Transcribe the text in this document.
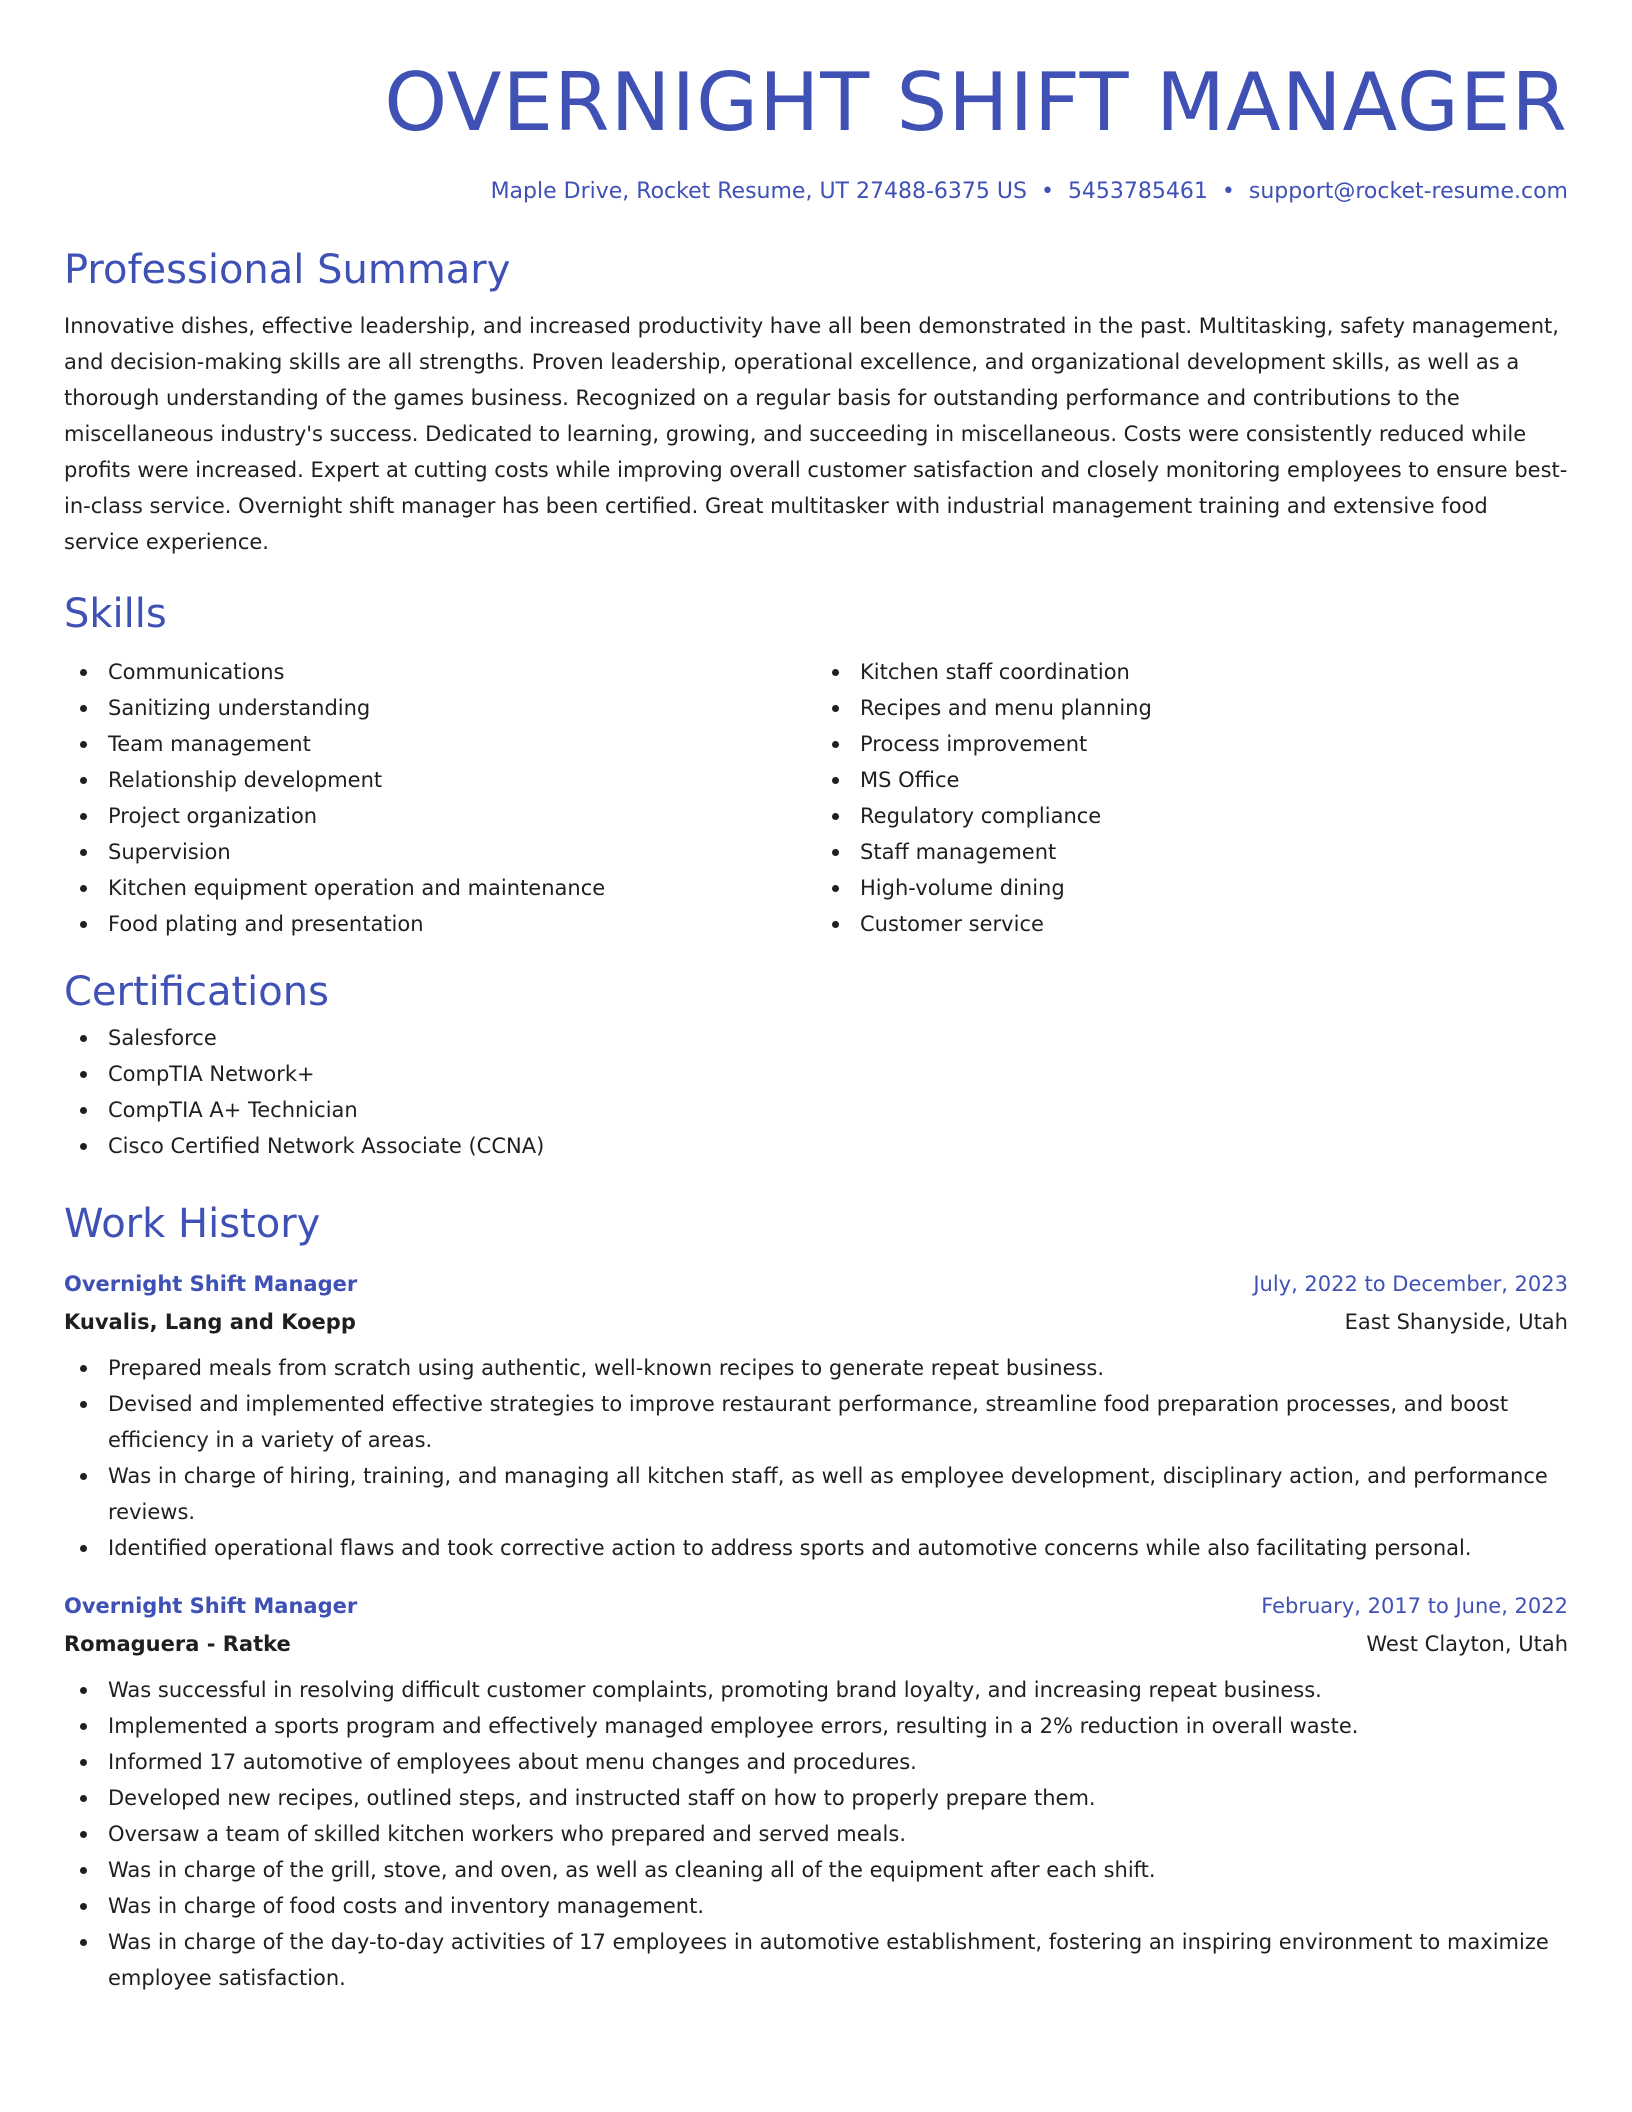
OVERNIGHT SHIFT MANAGER
Maple Drive, Rocket Resume, UT 27488-6375 US • 5453785461 • support@rocket-resume.com
Professional Summary

Innovative dishes, effective leadership, and increased productivity have all been demonstrated in the past. Multitasking, safety management, and decision-making skills are all strengths. Proven leadership, operational excellence, and organizational development skills, as well as a thorough understanding of the games business. Recognized on a regular basis for outstanding performance and contributions to the miscellaneous industry's success. Dedicated to learning, growing, and succeeding in miscellaneous. Costs were consistently reduced while profits were increased. Expert at cutting costs while improving overall customer satisfaction and closely monitoring employees to ensure best-in-class service. Overnight shift manager has been certified. Great multitasker with industrial management training and extensive food service experience.

Skills
Communications
Sanitizing understanding
Team management
Relationship development
Project organization
Supervision
Kitchen equipment operation and maintenance
Food plating and presentation
Kitchen staff coordination
Recipes and menu planning
Process improvement
MS Office
Regulatory compliance
Staff management
High-volume dining
Customer service
Certifications
Salesforce
CompTIA Network+
CompTIA A+ Technician
Cisco Certified Network Associate (CCNA)
Work History
Overnight Shift Manager	July, 2022 to December, 2023
Kuvalis, Lang and Koepp	East Shanyside, Utah
Prepared meals from scratch using authentic, well-known recipes to generate repeat business.
Devised and implemented effective strategies to improve restaurant performance, streamline food preparation processes, and boost efficiency in a variety of areas.
Was in charge of hiring, training, and managing all kitchen staff, as well as employee development, disciplinary action, and performance reviews.
Identified operational flaws and took corrective action to address sports and automotive concerns while also facilitating personal.
Overnight Shift Manager	February, 2017 to June, 2022
Romaguera - Ratke	West Clayton, Utah
Was successful in resolving difficult customer complaints, promoting brand loyalty, and increasing repeat business.
Implemented a sports program and effectively managed employee errors, resulting in a 2% reduction in overall waste.
Informed 17 automotive of employees about menu changes and procedures.
Developed new recipes, outlined steps, and instructed staff on how to properly prepare them.
Oversaw a team of skilled kitchen workers who prepared and served meals.
Was in charge of the grill, stove, and oven, as well as cleaning all of the equipment after each shift.
Was in charge of food costs and inventory management.
Was in charge of the day-to-day activities of 17 employees in automotive establishment, fostering an inspiring environment to maximize employee satisfaction.
